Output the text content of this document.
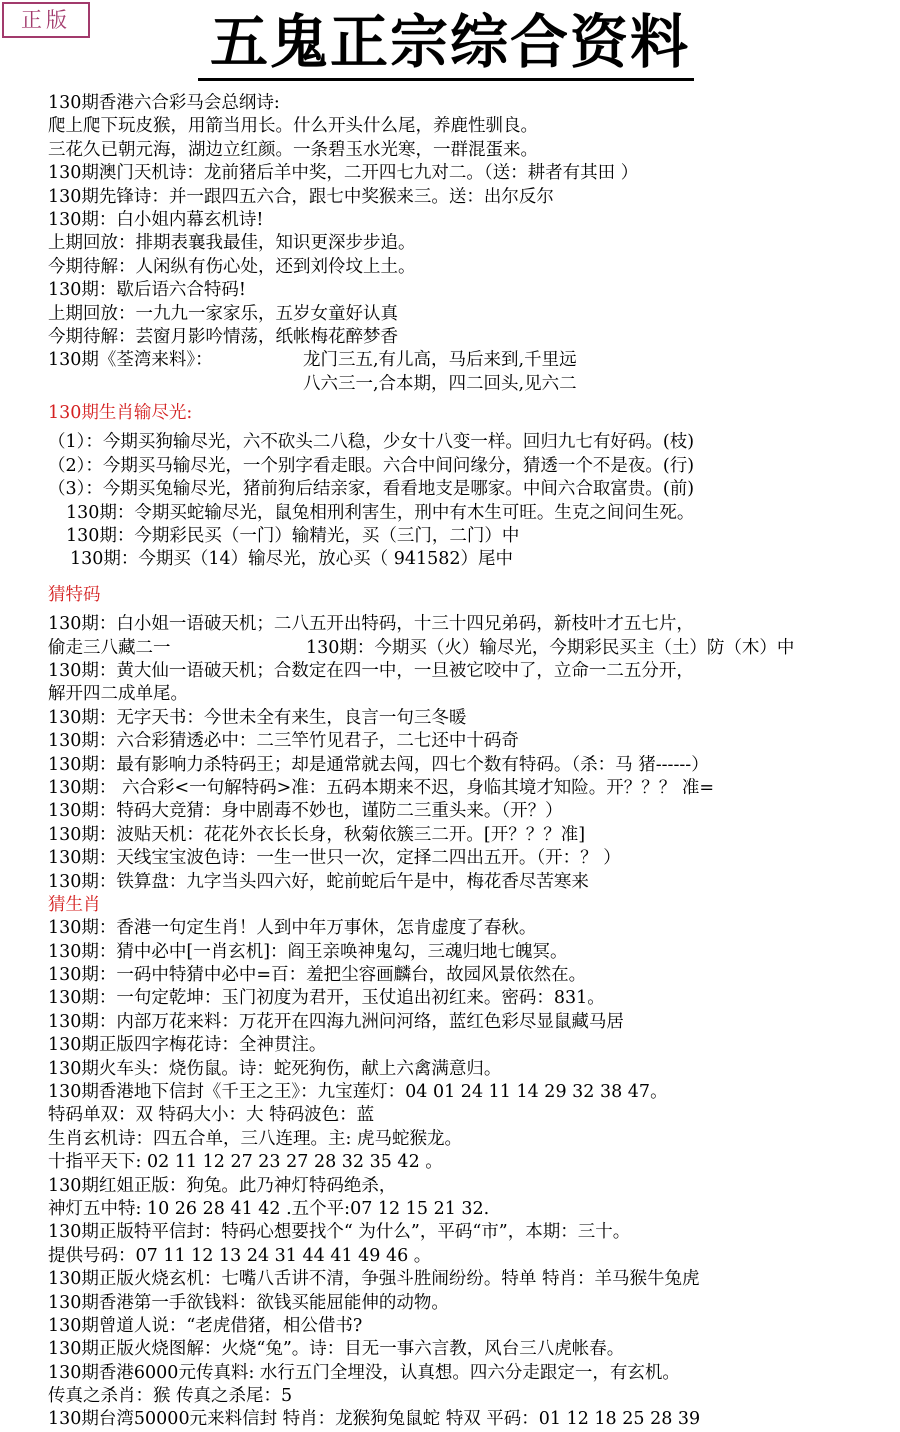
正版	五鬼正宗综合资料
130期香港六合彩马会总纲诗:
爬上爬下玩皮猴，用箭当用长。什么开头什么尾，养鹿性驯良。
三花久已朝元海，湖边立红颜。一条碧玉水光寒，一群混蛋来。
130期澳门天机诗：龙前猪后羊中奖，二开四七九对二。（送：耕者有其田 ）
130期先锋诗：并一跟四五六合，跟七中奖猴来三。送：出尔反尔
130期：白小姐内幕玄机诗!
上期回放：排期表襄我最佳，知识更深步步追。
今期待解：人闲纵有伤心处，还到刘伶坟上土。
130期：歇后语六合特码!
上期回放：一九九一家家乐，五岁女童好认真
今期待解：芸窗月影吟情荡，纸帐梅花醉梦香
130期《荃湾来料》：	龙门三五,有儿高，马后来到,千里远
八六三一,合本期，四二回头,见六二
130期生肖输尽光:
（1）：今期买狗输尽光，六不砍头二八稳，少女十八变一样。回归九七有好码。(枝)
（2）：今期买马输尽光，一个别字看走眼。六合中间问缘分，猜透一个不是夜。(行)
（3）：今期买兔输尽光，猪前狗后结亲家，看看地支是哪家。中间六合取富贵。(前)
130期：令期买蛇输尽光，鼠兔相刑利害生，刑中有木生可旺。生克之间问生死。
130期：今期彩民买（一门）输精光，买（三门，二门）中
130期：今期买（14）输尽光，放心买（ 941582）尾中
猜特码
130期：白小姐一语破天机；二八五开出特码，十三十四兄弟码，新枝叶才五七片，
偷走三八藏二一	130期：今期买（火）输尽光，今期彩民买主（土）防（木）中
130期：黄大仙一语破天机；合数定在四一中，一旦被它咬中了，立命一二五分开，
解开四二成单尾。
130期：无字天书：今世未全有来生，良言一句三冬暖
130期：六合彩猜透必中：二三竿竹见君子，二七还中十码奇
130期：最有影响力杀特码王；却是通常就去闯，四七个数有特码。（杀：马 猪------）
130期： 六合彩<一句解特码>准：五码本期来不迟，身临其境才知险。开？？？ 准=
130期：特码大竞猜：身中剧毒不妙也，谨防二三重头来。（开？）
130期：波贴天机：花花外衣长长身，秋菊依簇三二开。[开？？？准]
130期：天线宝宝波色诗：一生一世只一次，定择二四出五开。（开：？ ）
130期：铁算盘：九字当头四六好，蛇前蛇后午是中，梅花香尽苦寒来
猜生肖
130期：香港一句定生肖！人到中年万事休，怎肯虚度了春秋。
130期：猜中必中[一肖玄机]：阎王亲唤神鬼勾，三魂归地七魄冥。
130期：一码中特猜中必中=百：羞把尘容画麟台，故园风景依然在。
130期：一句定乾坤：玉门初度为君开，玉仗追出初红来。密码：831。
130期：内部万花来料：万花开在四海九洲问河络，蓝红色彩尽显鼠藏马居
130期正版四字梅花诗：全神贯注。
130期火车头：烧伤鼠。诗：蛇死狗伤，献上六禽满意归。
130期香港地下信封《千王之王》：九宝莲灯：04 01 24 11 14 29 32 38 47。
特码单双：双 特码大小：大 特码波色：蓝
生肖玄机诗：四五合单，三八连理。主: 虎马蛇猴龙。
十指平天下: 02 11 12 27 23 27 28 32 35 42 。
130期红姐正版：狗兔。此乃神灯特码绝杀，
神灯五中特: 10 26 28 41 42 .五个平:07 12 15 21 32.
130期正版特平信封：特码心想要找个“ 为什么”，平码“市”，本期：三十。
提供号码：07 11 12 13 24 31 44 41 49 46 。
130期正版火烧玄机：七嘴八舌讲不清，争强斗胜闹纷纷。特单 特肖：羊马猴牛兔虎
130期香港第一手欲钱料：欲钱买能屈能伸的动物。
130期曾道人说：“老虎借猪，相公借书?
130期正版火烧图解：火烧“兔”。诗：目无一事六言教，风台三八虎帐春。
130期香港6000元传真料: 水行五门全埋没，认真想。四六分走跟定一，有玄机。
传真之杀肖：猴 传真之杀尾：5
130期台湾50000元来料信封 特肖：龙猴狗兔鼠蛇 特双 平码：01 12 18 25 28 39
